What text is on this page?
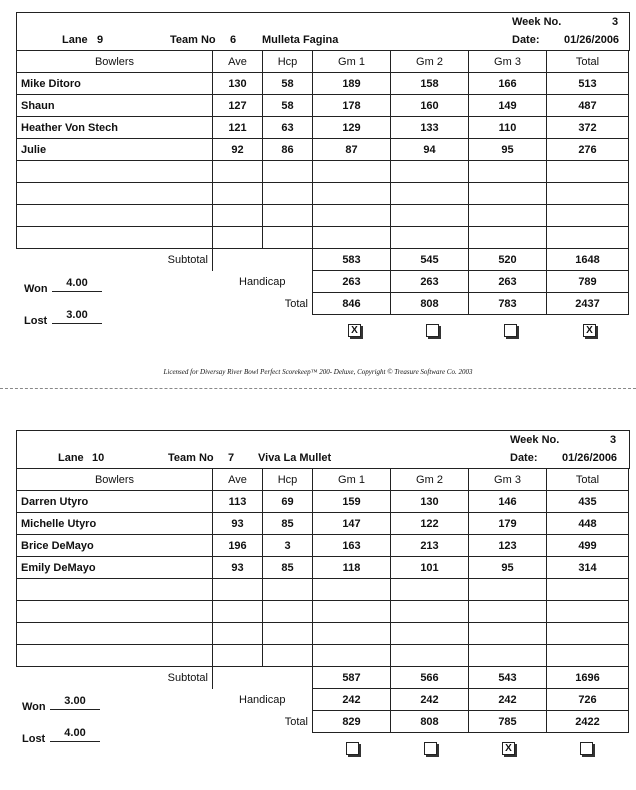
Week No.	3
Lane 9	Team No 6 Mulleta Fagina	Date: 01/26/2006
Bowlers	Ave	Hcp	Gm 1	Gm 2	Gm 3	Total
Mike Ditoro	130	58	189	158	166	513
Shaun	127	58	178	160	149	487
Heather Von Stech	121	63	129	133	110	372
Julie	92	86	87	94	95	276

Subtotal			583	545	520	1648
	Handicap		263	263	263	789
	Total		846	808	783	2437
Won	4.00
Lost	3.00
X	X
Licensed for Diversay River Bowl Perfect Scorekeep™ 200- Deluxe, Copyright © Treasure Software Co. 2003
Week No.	3
Lane 10	Team No 7 Viva La Mullet	Date: 01/26/2006
Bowlers	Ave	Hcp	Gm 1	Gm 2	Gm 3	Total
Darren Utyro	113	69	159	130	146	435
Michelle Utyro	93	85	147	122	179	448
Brice DeMayo	196	3	163	213	123	499
Emily DeMayo	93	85	118	101	95	314

Subtotal			587	566	543	1696
	Handicap		242	242	242	726
	Total		829	808	785	2422
Won	3.00
Lost	4.00
X
